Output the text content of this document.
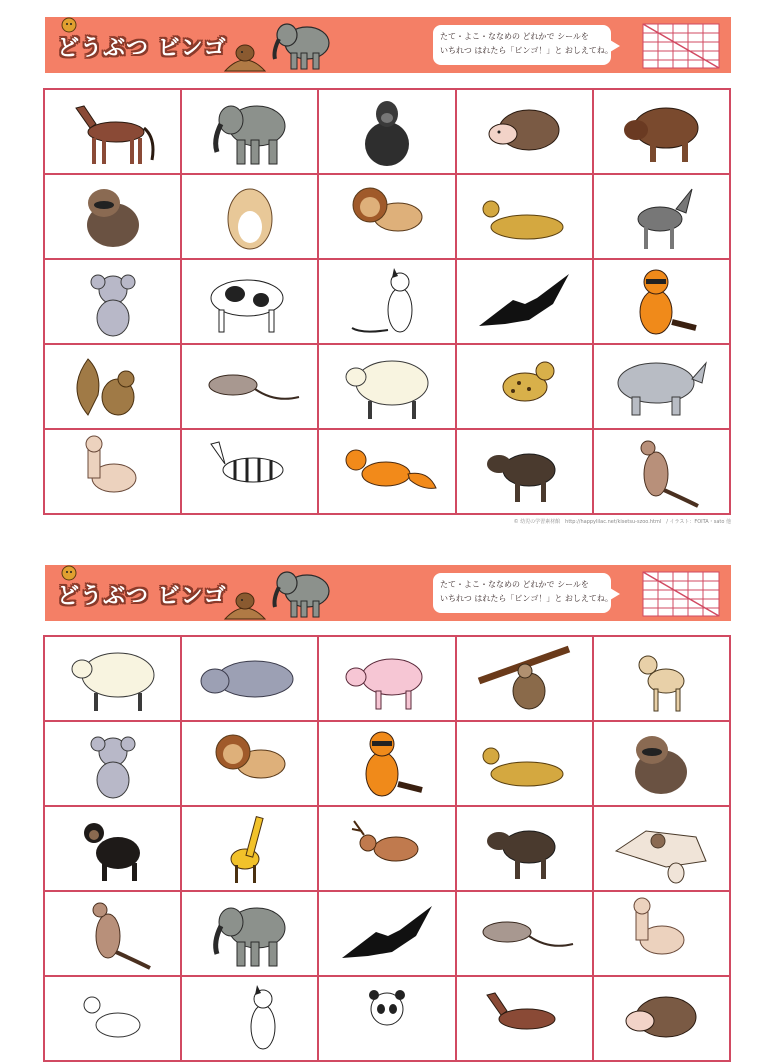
どうぶつ ビンゴ	たて・よこ・ななめの どれかで シールを
いちれつ はれたら「ビンゴ！」と おしえてね。
© 幼児の学習素材館　http://happylilac.net/kisetsu-szoo.html　/ イラスト：FOITA・sato 他
どうぶつ ビンゴ	たて・よこ・ななめの どれかで シールを
いちれつ はれたら「ビンゴ！」と おしえてね。
